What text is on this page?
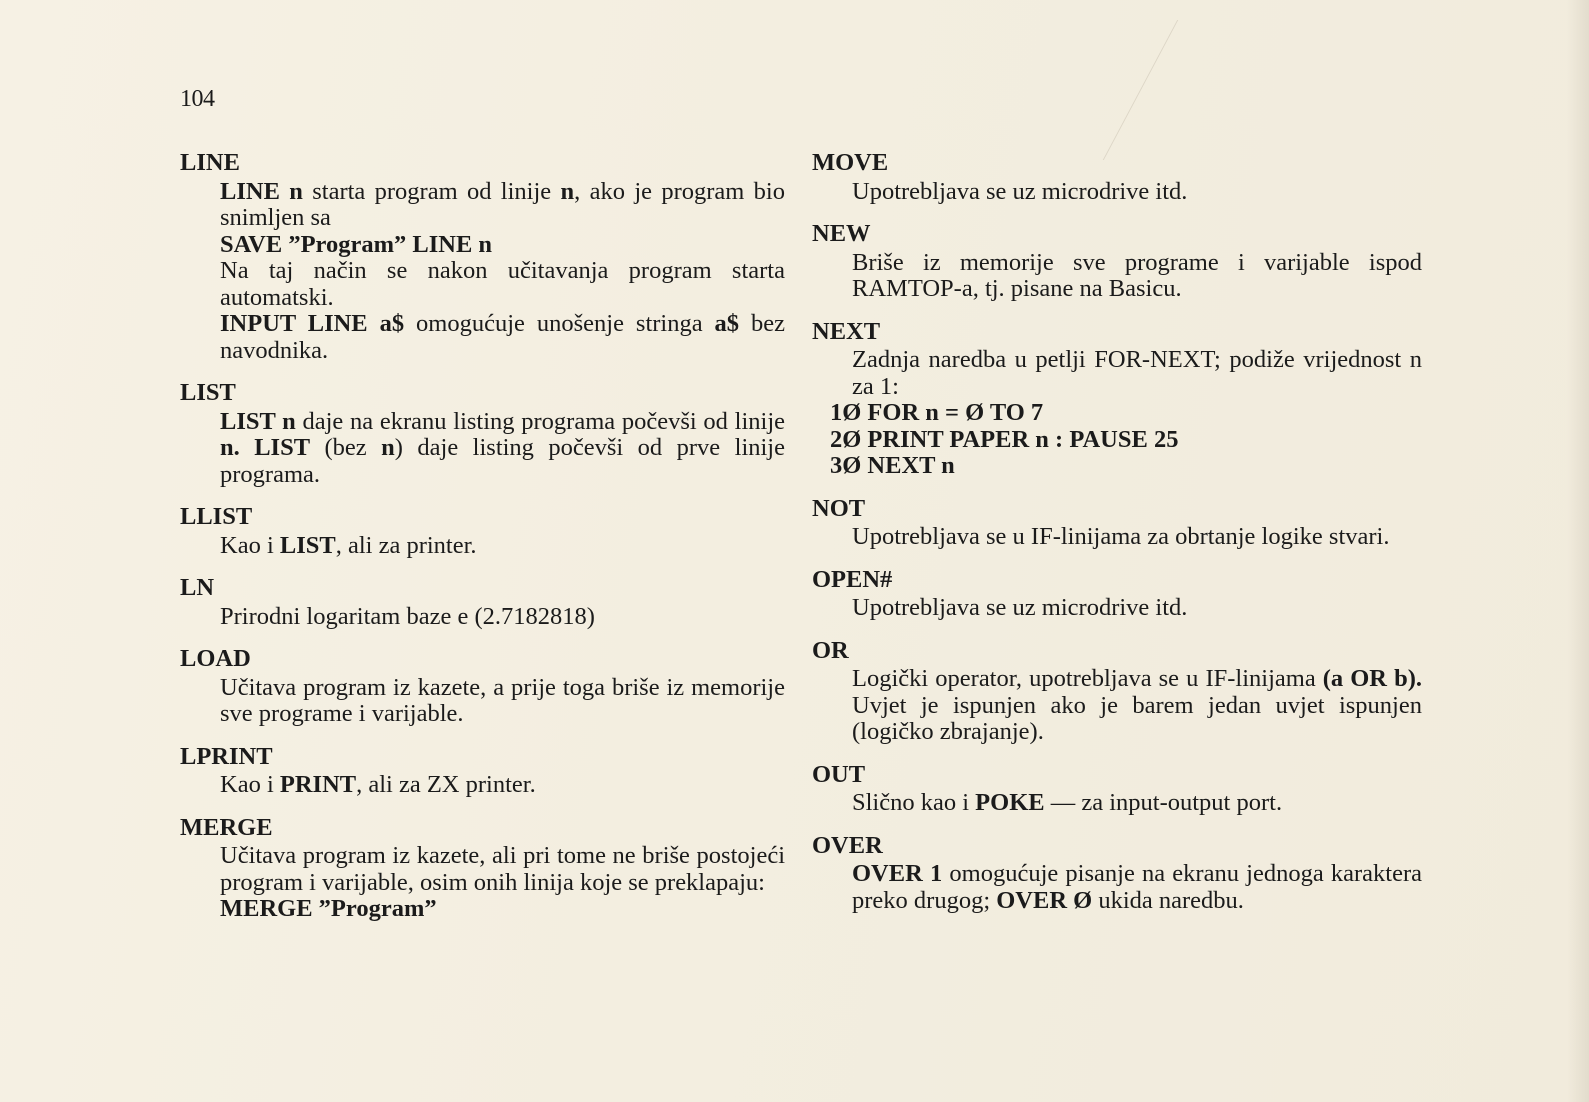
104
LINE
LINE n starta program od linije n, ako je program bio snimljen sa
SAVE ”Program” LINE n
Na taj način se nakon učitavanja program starta automatski.
INPUT LINE a$ omogućuje unošenje stringa a$ bez navodnika.
LIST
LIST n daje na ekranu listing programa počevši od linije n. LIST (bez n) daje listing počevši od prve linije programa.
LLIST
Kao i LIST, ali za printer.
LN
Prirodni logaritam baze e (2.7182818)
LOAD
Učitava program iz kazete, a prije toga briše iz memorije sve programe i varijable.
LPRINT
Kao i PRINT, ali za ZX printer.
MERGE
Učitava program iz kazete, ali pri tome ne briše postojeći program i varijable, osim onih linija koje se preklapaju:
MERGE ”Program”
MOVE
Upotrebljava se uz microdrive itd.
NEW
Briše iz memorije sve programe i varijable ispod RAMTOP-a, tj. pisane na Basicu.
NEXT
Zadnja naredba u petlji FOR-NEXT; podiže vrijednost n za 1:
1Ø FOR n = Ø TO 7
2Ø PRINT PAPER n : PAUSE 25
3Ø NEXT n
NOT
Upotrebljava se u IF-linijama za obrtanje logike stvari.
OPEN#
Upotrebljava se uz microdrive itd.
OR
Logički operator, upotrebljava se u IF-linijama (a OR b). Uvjet je ispunjen ako je barem jedan uvjet ispunjen (logičko zbrajanje).
OUT
Slično kao i POKE — za input-output port.
OVER
OVER 1 omogućuje pisanje na ekranu jednoga karaktera preko drugog; OVER Ø ukida naredbu.
